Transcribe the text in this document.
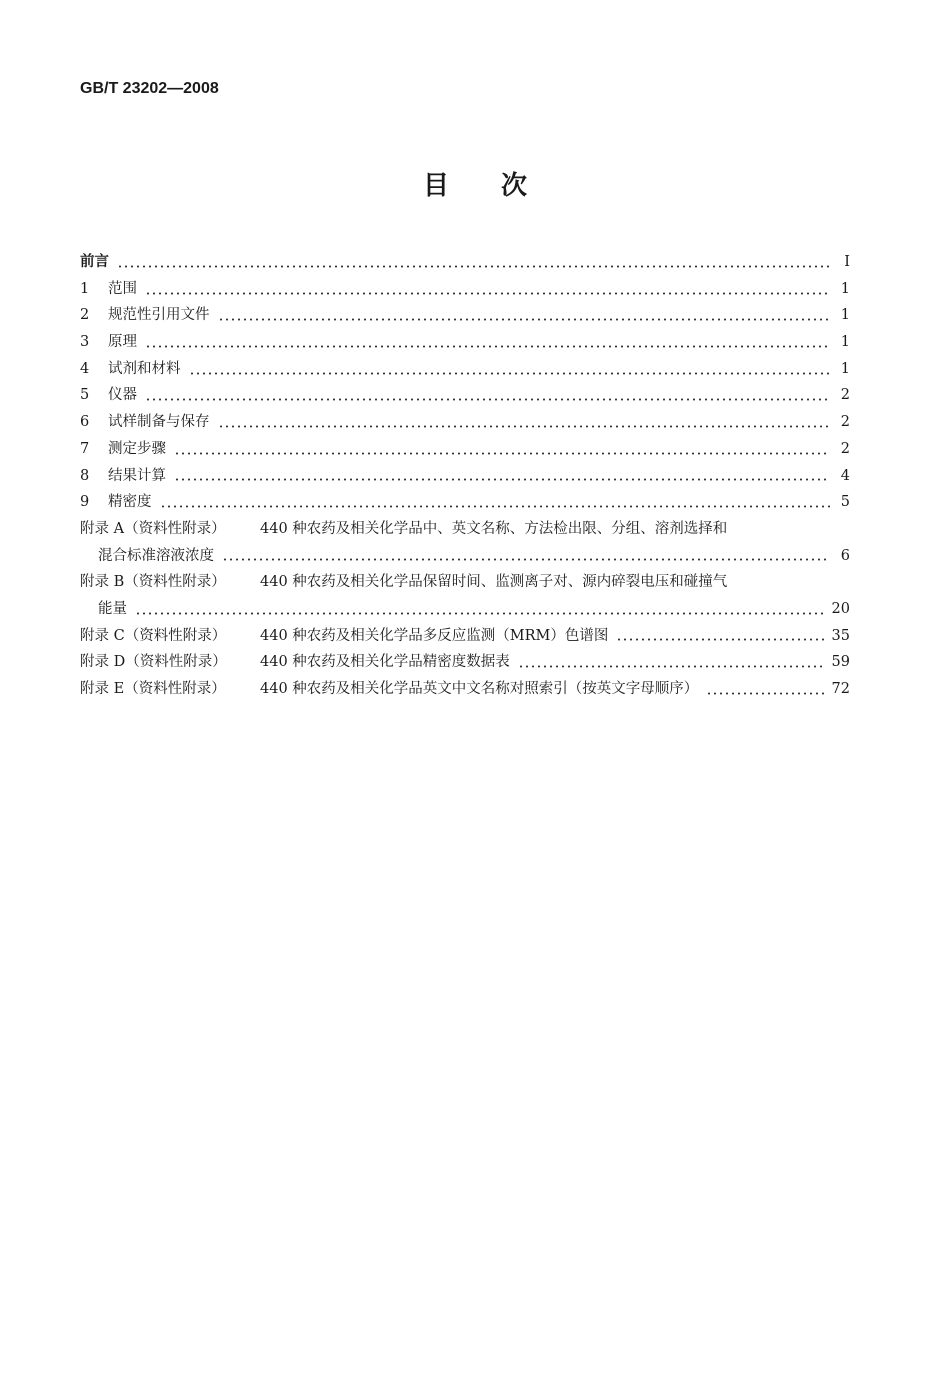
GB/T 23202—2008
目 次
前言	Ⅰ
1	范围	1
2	规范性引用文件	1
3	原理	1
4	试剂和材料	1
5	仪器	2
6	试样制备与保存	2
7	测定步骤	2
8	结果计算	4
9	精密度	5
附录 A（资料性附录）	440 种农药及相关化学品中、英文名称、方法检出限、分组、溶剂选择和
混合标准溶液浓度	6
附录 B（资料性附录）	440 种农药及相关化学品保留时间、监测离子对、源内碎裂电压和碰撞气
能量	20
附录 C（资料性附录）	440 种农药及相关化学品多反应监测（MRM）色谱图	35
附录 D（资料性附录）	440 种农药及相关化学品精密度数据表	59
附录 E（资料性附录）	440 种农药及相关化学品英文中文名称对照索引（按英文字母顺序）	72
